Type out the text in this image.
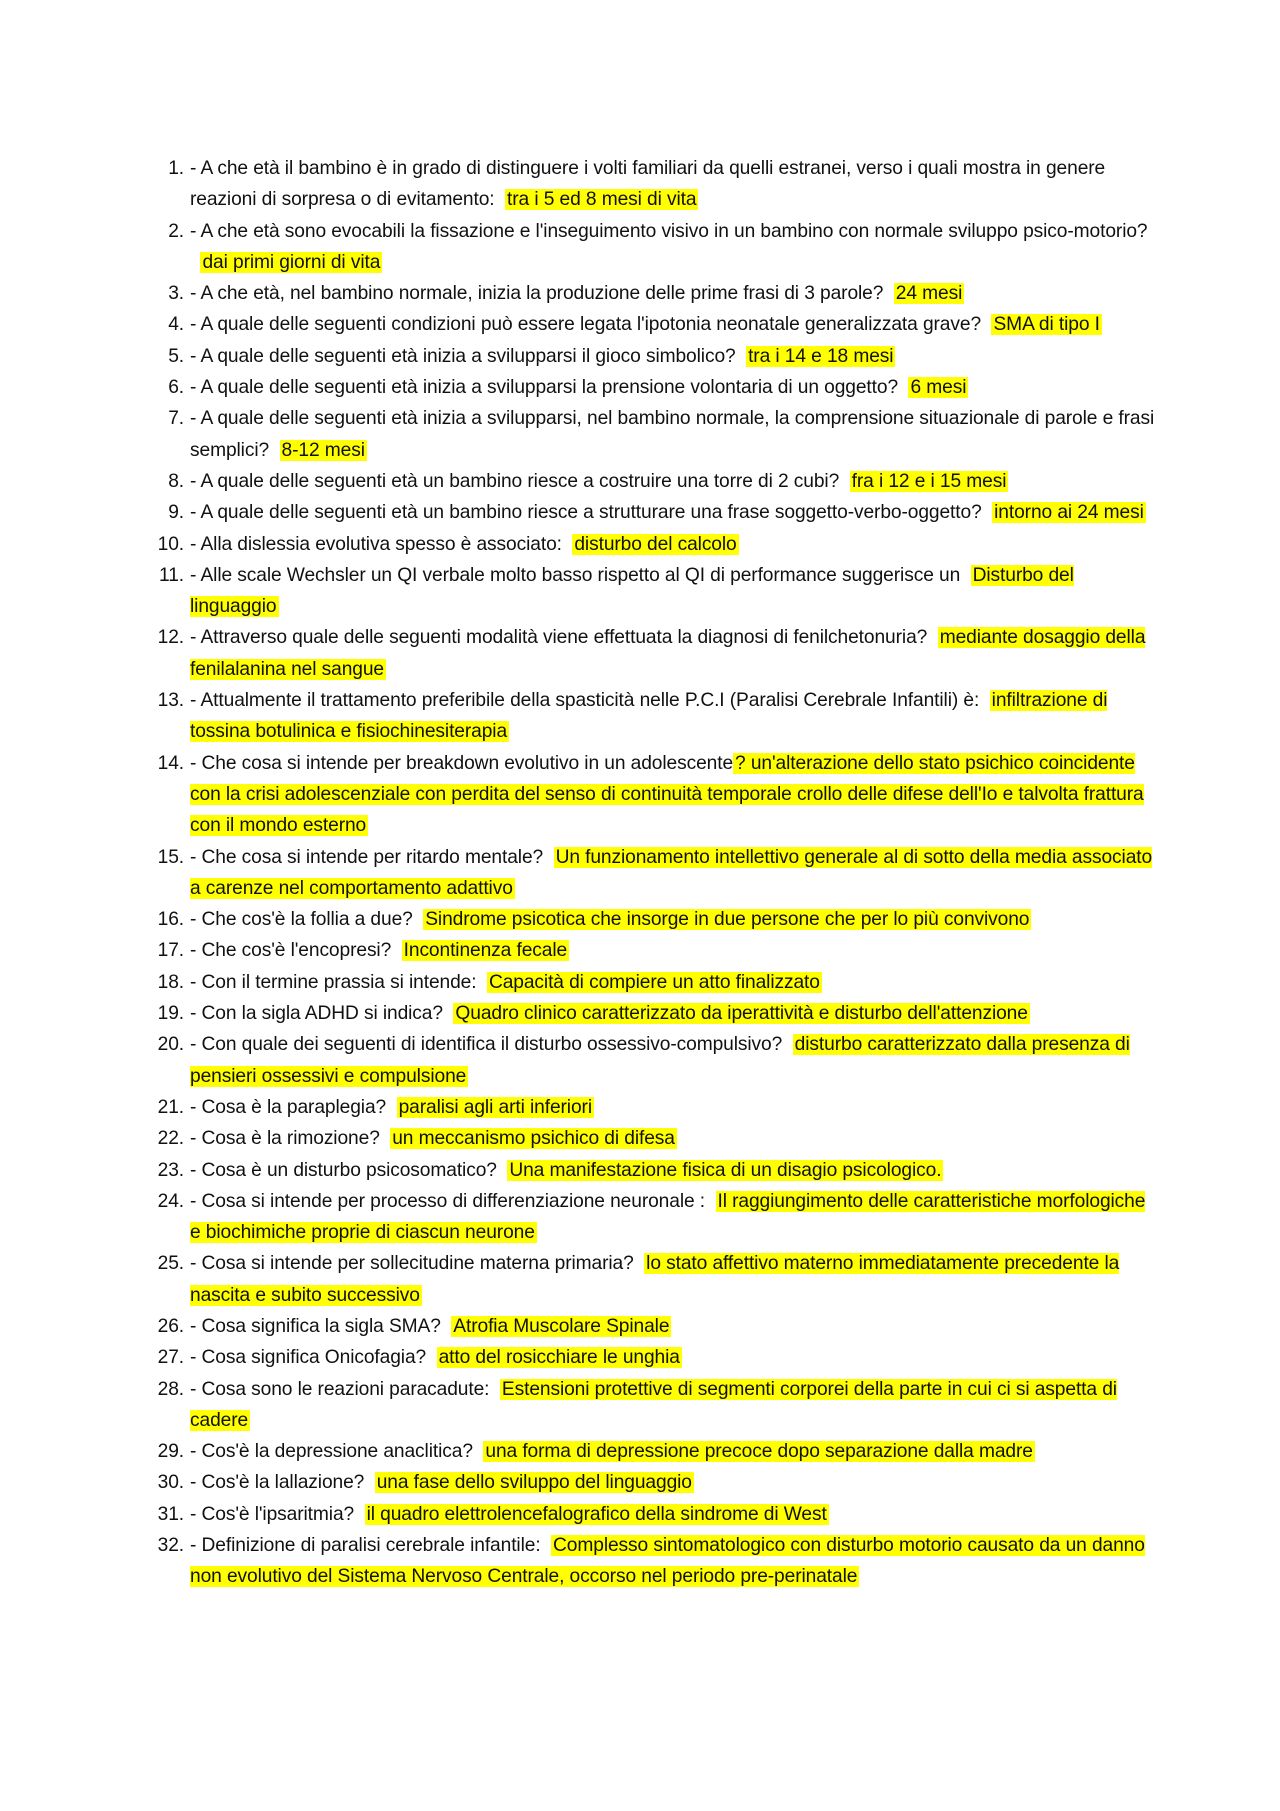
1. - A che età il bambino è in grado di distinguere i volti familiari da quelli estranei, verso i quali mostra in genere reazioni di sorpresa o di evitamento: tra i 5 ed 8 mesi di vita
2. - A che età sono evocabili la fissazione e l'inseguimento visivo in un bambino con normale sviluppo psico-motorio?dai primi giorni di vita
3. - A che età, nel bambino normale, inizia la produzione delle prime frasi di 3 parole? 24 mesi
4. - A quale delle seguenti condizioni può essere legata l'ipotonia neonatale generalizzata grave? SMA di tipo I
5. - A quale delle seguenti età inizia a svilupparsi il gioco simbolico? tra i 14 e 18 mesi
6. - A quale delle seguenti età inizia a svilupparsi la prensione volontaria di un oggetto? 6 mesi
7. - A quale delle seguenti età inizia a svilupparsi, nel bambino normale, la comprensione situazionale di parole e frasi semplici? 8-12 mesi
8. - A quale delle seguenti età un bambino riesce a costruire una torre di 2 cubi? fra i 12 e i 15 mesi
9. - A quale delle seguenti età un bambino riesce a strutturare una frase soggetto-verbo-oggetto? intorno ai 24 mesi
10. - Alla dislessia evolutiva spesso è associato: disturbo del calcolo
11. - Alle scale Wechsler un QI verbale molto basso rispetto al QI di performance suggerisce un Disturbo del linguaggio
12. - Attraverso quale delle seguenti modalità viene effettuata la diagnosi di fenilchetonuria? mediante dosaggio della fenilalanina nel sangue
13. - Attualmente il trattamento preferibile della spasticità nelle P.C.I (Paralisi Cerebrale Infantili) è: infiltrazione di tossina botulinica e fisiochinesiterapia
14. - Che cosa si intende per breakdown evolutivo in un adolescente ? un'alterazione dello stato psichico coincidente con la crisi adolescenziale con perdita del senso di continuità temporale crollo delle difese dell'Io e talvolta frattura con il mondo esterno
15. - Che cosa si intende per ritardo mentale? Un funzionamento intellettivo generale al di sotto della media associato a carenze nel comportamento adattivo
16. - Che cos'è la follia a due? Sindrome psicotica che insorge in due persone che per lo più convivono
17. - Che cos'è l'encopresi? Incontinenza fecale
18. - Con il termine prassia si intende: Capacità di compiere un atto finalizzato
19. - Con la sigla ADHD si indica? Quadro clinico caratterizzato da iperattività e disturbo dell'attenzione
20. - Con quale dei seguenti di identifica il disturbo ossessivo-compulsivo? disturbo caratterizzato dalla presenza di pensieri ossessivi e compulsione
21. - Cosa è la paraplegia? paralisi agli arti inferiori
22. - Cosa è la rimozione? un meccanismo psichico di difesa
23. - Cosa è un disturbo psicosomatico? Una manifestazione fisica di un disagio psicologico.
24. - Cosa si intende per processo di differenziazione neuronale : Il raggiungimento delle caratteristiche morfologiche e biochimiche proprie di ciascun neurone
25. - Cosa si intende per sollecitudine materna primaria? lo stato affettivo materno immediatamente precedente la nascita e subito successivo
26. - Cosa significa la sigla SMA? Atrofia Muscolare Spinale
27. - Cosa significa Onicofagia? atto del rosicchiare le unghia
28. - Cosa sono le reazioni paracadute: Estensioni protettive di segmenti corporei della parte in cui ci si aspetta di cadere
29. - Cos'è la depressione anaclitica? una forma di depressione precoce dopo separazione dalla madre
30. - Cos'è la lallazione? una fase dello sviluppo del linguaggio
31. - Cos'è l'ipsaritmia? il quadro elettrolencefalografico della sindrome di West
32. - Definizione di paralisi cerebrale infantile: Complesso sintomatologico con disturbo motorio causato da un danno non evolutivo del Sistema Nervoso Centrale, occorso nel periodo pre-perinatale
